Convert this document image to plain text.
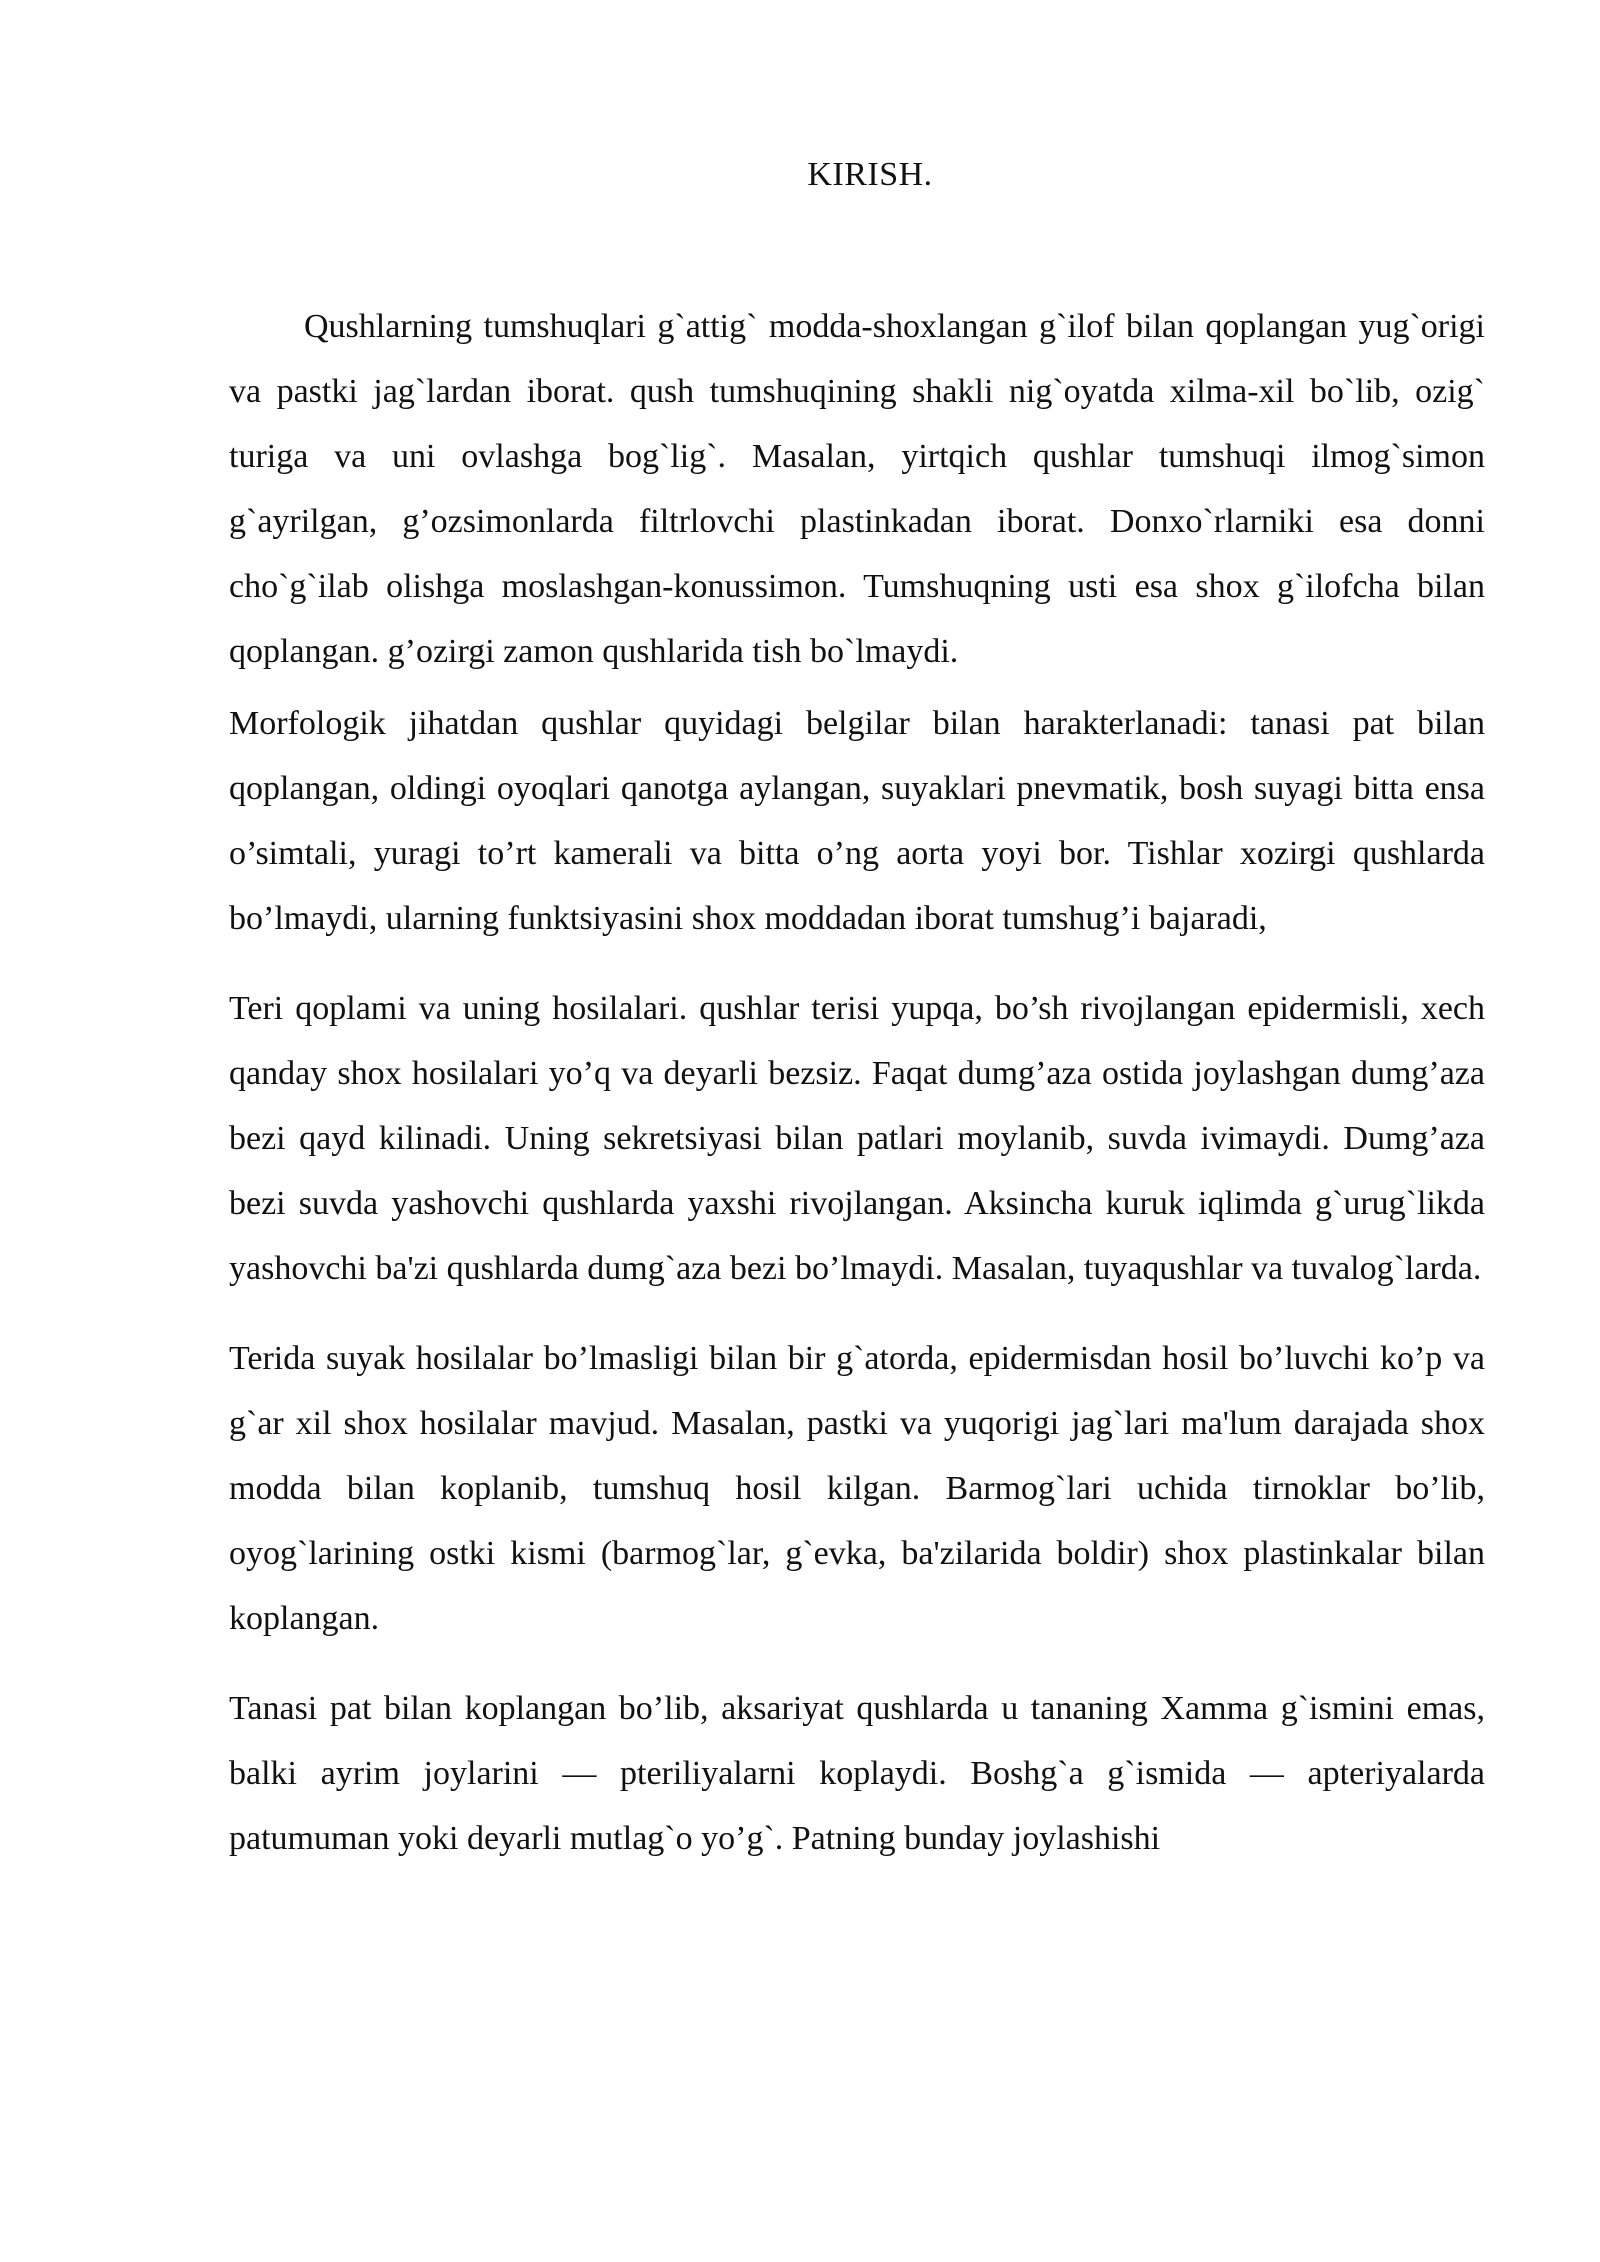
KIRISH.

Qushlarning tumshuqlari g`attig` modda-shoxlangan g`ilof bilan qoplangan yug`origi va pastki jag`lardan iborat. qush tumshuqining shakli nig`oyatda xilma-xil bo`lib, ozig` turiga va uni ovlashga bog`lig`. Masalan, yirtqich qushlar tumshuqi ilmog`simon g`ayrilgan, g’ozsimonlarda filtrlovchi plastinkadan iborat. Donxo`rlarniki esa donni cho`g`ilab olishga moslashgan-konussimon. Tumshuqning usti esa shox g`ilofcha bilan qoplangan. g’ozirgi zamon qushlarida tish bo`lmaydi.

Morfologik jihatdan qushlar quyidagi belgilar bilan harakterlanadi: tanasi pat bilan qoplangan, oldingi oyoqlari qanotga aylangan, suyaklari pnevmatik, bosh suyagi bitta ensa o’simtali, yuragi to’rt kamerali va bitta o’ng aorta yoyi bor. Tishlar xozirgi qushlarda bo’lmaydi, ularning funktsiyasini shox moddadan iborat tumshug’i bajaradi,

Teri qoplami va uning hosilalari. qushlar terisi yupqa, bo’sh rivojlangan epidermisli, xech qanday shox hosilalari yo’q va deyarli bezsiz. Faqat dumg’aza ostida joylashgan dumg’aza bezi qayd kilinadi. Uning sekretsiyasi bilan patlari moylanib, suvda ivimaydi. Dumg’aza bezi suvda yashovchi qushlarda yaxshi rivojlangan. Aksincha kuruk iqlimda g`urug`likda yashovchi ba'zi qushlarda dumg`aza bezi bo’lmaydi. Masalan, tuyaqushlar va tuvalog`larda.

Terida suyak hosilalar bo’lmasligi bilan bir g`atorda, epidermisdan hosil bo’luvchi ko’p va g`ar xil shox hosilalar mavjud. Masalan, pastki va yuqorigi jag`lari ma'lum darajada shox modda bilan koplanib, tumshuq hosil kilgan. Barmog`lari uchida tirnoklar bo’lib, oyog`larining ostki kismi (barmog`lar, g`evka, ba'zilarida boldir) shox plastinkalar bilan koplangan.

Tanasi pat bilan koplangan bo’lib, aksariyat qushlarda u tananing Xamma g`ismini emas, balki ayrim joylarini — pteriliyalarni koplaydi. Boshg`a g`ismida — apteriyalarda patumuman yoki deyarli mutlag`o yo’g`. Patning bunday joylashishi
